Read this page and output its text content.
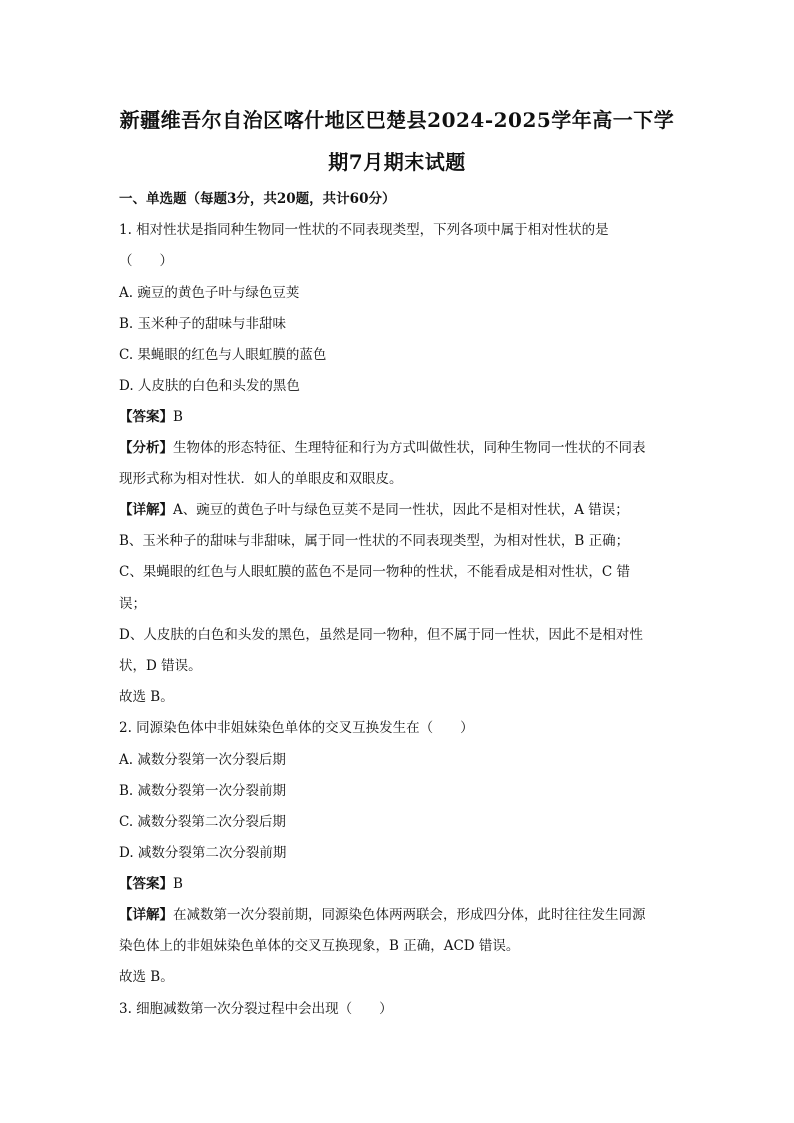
新疆维吾尔自治区喀什地区巴楚县2024-2025学年高一下学
期7月期末试题
一、单选题（每题3分，共20题，共计60分）
1. 相对性状是指同种生物同一性状的不同表现类型，下列各项中属于相对性状的是
（　　）
A. 豌豆的黄色子叶与绿色豆荚
B. 玉米种子的甜味与非甜味
C. 果蝇眼的红色与人眼虹膜的蓝色
D. 人皮肤的白色和头发的黑色
【答案】B
【分析】生物体的形态特征、生理特征和行为方式叫做性状，同种生物同一性状的不同表
现形式称为相对性状．如人的单眼皮和双眼皮。
【详解】A、豌豆的黄色子叶与绿色豆荚不是同一性状，因此不是相对性状，A 错误；
B、玉米种子的甜味与非甜味，属于同一性状的不同表现类型，为相对性状，B 正确；
C、果蝇眼的红色与人眼虹膜的蓝色不是同一物种的性状，不能看成是相对性状，C 错
误；
D、人皮肤的白色和头发的黑色，虽然是同一物种，但不属于同一性状，因此不是相对性
状，D 错误。
故选 B。
2. 同源染色体中非姐妹染色单体的交叉互换发生在（　　）
A. 减数分裂第一次分裂后期
B. 减数分裂第一次分裂前期
C. 减数分裂第二次分裂后期
D. 减数分裂第二次分裂前期
【答案】B
【详解】在减数第一次分裂前期，同源染色体两两联会，形成四分体，此时往往发生同源
染色体上的非姐妹染色单体的交叉互换现象，B 正确，ACD 错误。
故选 B。
3. 细胞减数第一次分裂过程中会出现（　　）
